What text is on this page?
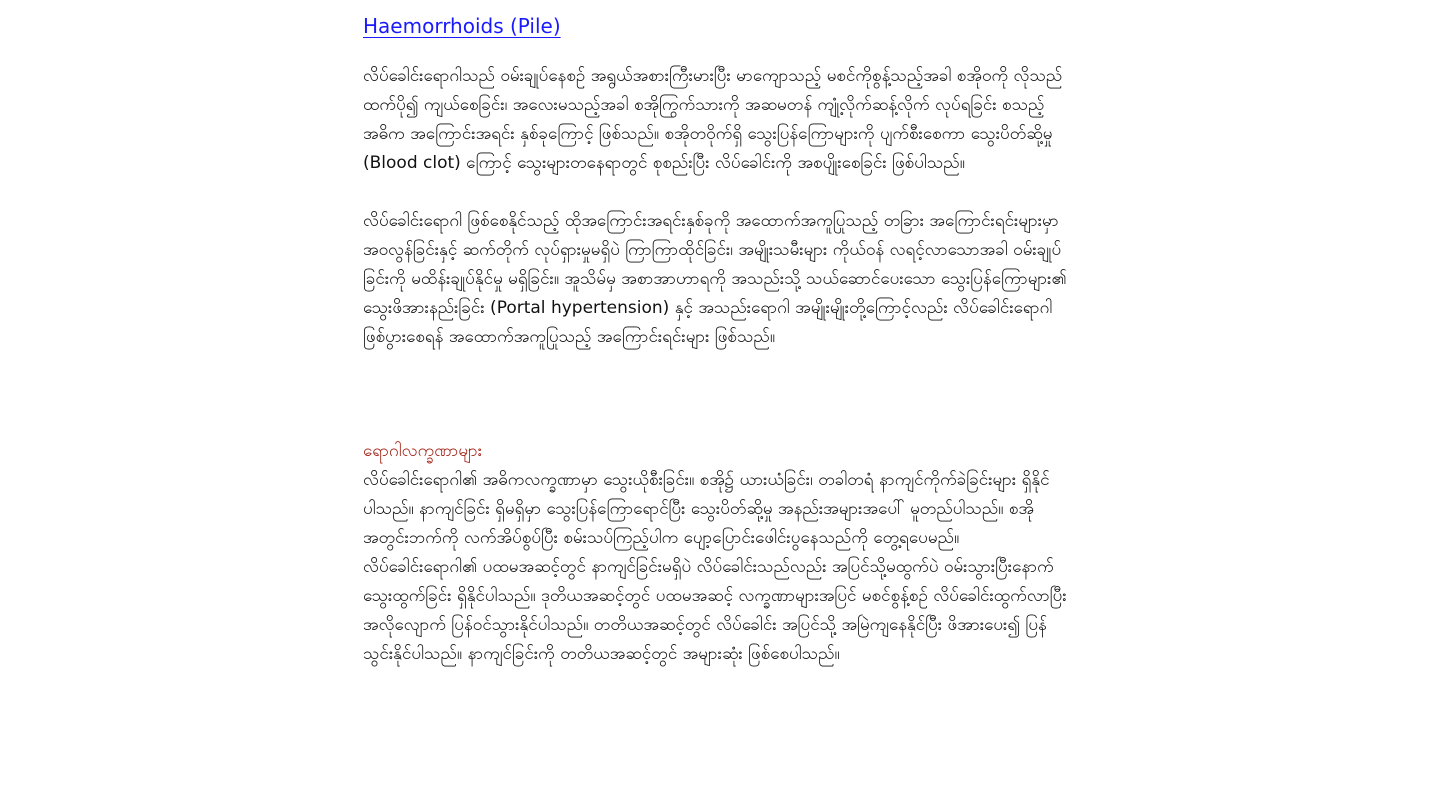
Haemorrhoids (Pile)

လိပ်ခေါင်းရောဂါသည် ဝမ်းချုပ်နေစဉ် အရွယ်အစားကြီးမားပြီး မာကျောသည့် မစင်ကိုစွန့်သည့်အခါ စအိုဝကို လိုသည်ထက်ပို၍ ကျယ်စေခြင်း၊ အလေးမသည့်အခါ စအိုကြွက်သားကို အဆမတန် ကျုံ့လိုက်ဆန့်လိုက် လုပ်ရခြင်း စသည့်အဓိက အကြောင်းအရင်း နှစ်ခုကြောင့် ဖြစ်သည်။ စအိုတဝိုက်ရှိ သွေးပြန်ကြောများကို ပျက်စီးစေကာ သွေးပိတ်ဆို့မှု (Blood clot) ကြောင့် သွေးများတနေရာတွင် စုစည်းပြီး လိပ်ခေါင်းကို အစပျိုးစေခြင်း ဖြစ်ပါသည်။

လိပ်ခေါင်းရောဂါ ဖြစ်စေနိုင်သည့် ထိုအကြောင်းအရင်းနှစ်ခုကို အထောက်အကူပြုသည့် တခြား အကြောင်းရင်းများမှာ အဝလွန်ခြင်းနှင့် ဆက်တိုက် လုပ်ရှားမှုမရှိပဲ ကြာကြာထိုင်ခြင်း၊ အမျိုးသမီးများ ကိုယ်ဝန် လရင့်လာသောအခါ ဝမ်းချုပ်ခြင်းကို မထိန်းချုပ်နိုင်မှု မရှိခြင်း။ အူသိမ်မှ အစာအာဟာရကို အသည်းသို့ သယ်ဆောင်ပေးသော သွေးပြန်ကြောများ၏ သွေးဖိအားနည်းခြင်း (Portal hypertension) နှင့် အသည်းရောဂါ အမျိုးမျိုးတို့ကြောင့်လည်း လိပ်ခေါင်းရောဂါ ဖြစ်ပွားစေရန် အထောက်အကူပြုသည့် အကြောင်းရင်းများ ဖြစ်သည်။

ရောဂါလက္ခဏာများ

လိပ်ခေါင်းရောဂါ၏ အဓိကလက္ခဏာမှာ သွေးယိုစီးခြင်း။ စအို၌ ယားယံခြင်း၊ တခါတရံ နာကျင်ကိုက်ခဲခြင်းများ ရှိနိုင်ပါသည်။ နာကျင်ခြင်း ရှိမရှိမှာ သွေးပြန်ကြောရောင်ပြီး သွေးပိတ်ဆို့မှု အနည်းအများအပေါ် မူတည်ပါသည်။ စအိုအတွင်းဘက်ကို လက်အိပ်စွပ်ပြီး စမ်းသပ်ကြည့်ပါက ပျော့ပြောင်းဖေါင်းပွနေသည်ကို တွေ့ရပေမည်။ လိပ်ခေါင်းရောဂါ၏ ပထမအဆင့်တွင် နာကျင်ခြင်းမရှိပဲ လိပ်ခေါင်းသည်လည်း အပြင်သို့မထွက်ပဲ ဝမ်းသွားပြီးနောက် သွေးထွက်ခြင်း ရှိနိုင်ပါသည်။ ဒုတိယအဆင့်တွင် ပထမအဆင့် လက္ခဏာများအပြင် မစင်စွန့်စဉ် လိပ်ခေါင်းထွက်လာပြီး အလိုလျောက် ပြန်ဝင်သွားနိုင်ပါသည်။ တတိယအဆင့်တွင် လိပ်ခေါင်း အပြင်သို့ အမြဲကျနေနိုင်ပြီး ဖိအားပေး၍ ပြန်သွင်းနိုင်ပါသည်။ နာကျင်ခြင်းကို တတိယအဆင့်တွင် အများဆုံး ဖြစ်စေပါသည်။
